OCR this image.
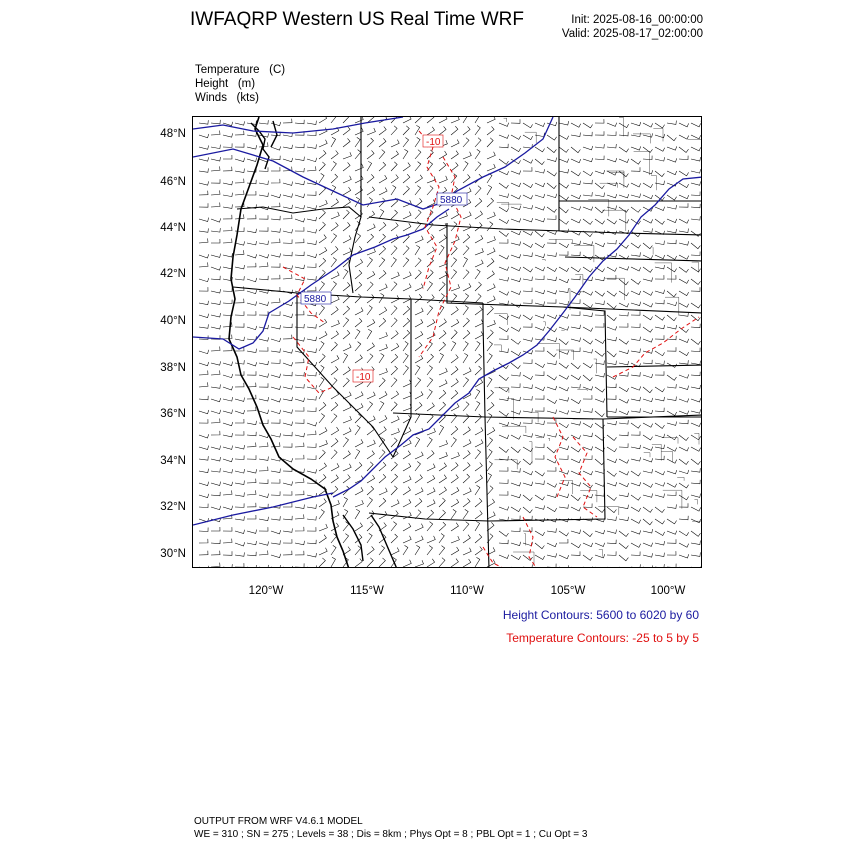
IWFAQRP Western US Real Time WRF	Init: 2025-08-16_00:00:00
Valid: 2025-08-17_02:00:00
Temperature (C)
Height (m)
Winds (kts)
48°N
46°N
44°N
42°N
40°N
38°N
36°N
34°N
32°N
30°N
120°W	115°W	110°W	105°W	100°W
5880
5880
-10
-10
Height Contours: 5600 to 6020 by 60
Temperature Contours: -25 to 5 by 5
OUTPUT FROM WRF V4.6.1 MODEL
WE = 310 ; SN = 275 ; Levels = 38 ; Dis = 8km ; Phys Opt = 8 ; PBL Opt = 1 ; Cu Opt = 3
